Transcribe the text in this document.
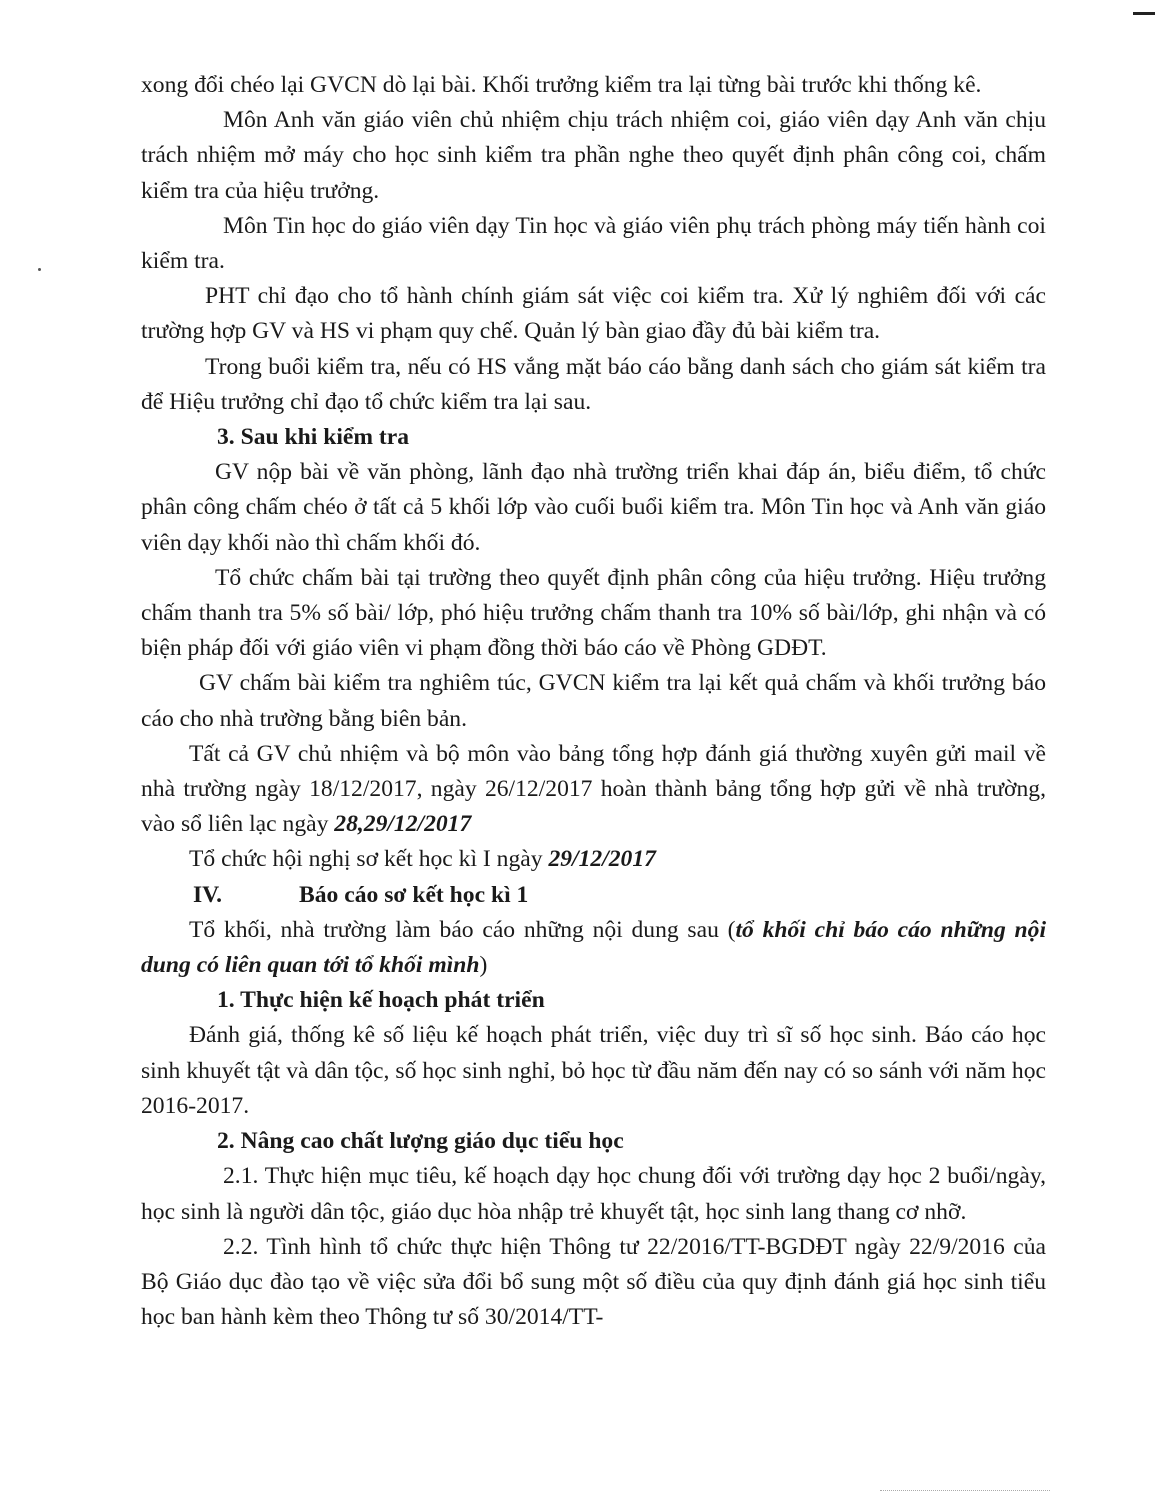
xong đổi chéo lại GVCN dò lại bài. Khối trưởng kiểm tra lại từng bài trước khi thống kê.

Môn Anh văn giáo viên chủ nhiệm chịu trách nhiệm coi, giáo viên dạy Anh văn chịu trách nhiệm mở máy cho học sinh kiểm tra phần nghe theo quyết định phân công coi, chấm kiểm tra của hiệu trưởng.

Môn Tin học do giáo viên dạy Tin học và giáo viên phụ trách phòng máy tiến hành coi kiểm tra.

PHT chỉ đạo cho tổ hành chính giám sát việc coi kiểm tra. Xử lý nghiêm đối với các trường hợp GV và HS vi phạm quy chế. Quản lý bàn giao đầy đủ bài kiểm tra.

Trong buổi kiểm tra, nếu có HS vắng mặt báo cáo bằng danh sách cho giám sát kiểm tra để Hiệu trưởng chỉ đạo tổ chức kiểm tra lại sau.

3. Sau khi kiểm tra

GV nộp bài về văn phòng, lãnh đạo nhà trường triển khai đáp án, biểu điểm, tổ chức phân công chấm chéo ở tất cả 5 khối lớp vào cuối buổi kiểm tra. Môn Tin học và Anh văn giáo viên dạy khối nào thì chấm khối đó.

Tổ chức chấm bài tại trường theo quyết định phân công của hiệu trưởng. Hiệu trưởng chấm thanh tra 5% số bài/ lớp, phó hiệu trưởng chấm thanh tra 10% số bài/lớp, ghi nhận và có biện pháp đối với giáo viên vi phạm đồng thời báo cáo về Phòng GDĐT.

GV chấm bài kiểm tra nghiêm túc, GVCN kiểm tra lại kết quả chấm và khối trưởng báo cáo cho nhà trường bằng biên bản.

Tất cả GV chủ nhiệm và bộ môn vào bảng tổng hợp đánh giá thường xuyên gửi mail về nhà trường ngày 18/12/2017, ngày 26/12/2017 hoàn thành bảng tổng hợp gửi về nhà trường, vào sổ liên lạc ngày 28,29/12/2017

Tổ chức hội nghị sơ kết học kì I ngày 29/12/2017

IV.	Báo cáo sơ kết học kì 1

Tổ khối, nhà trường làm báo cáo những nội dung sau (tổ khối chỉ báo cáo những nội dung có liên quan tới tổ khối mình)

1. Thực hiện kế hoạch phát triển

Đánh giá, thống kê số liệu kế hoạch phát triển, việc duy trì sĩ số học sinh. Báo cáo học sinh khuyết tật và dân tộc, số học sinh nghỉ, bỏ học từ đầu năm đến nay có so sánh với năm học 2016-2017.

2. Nâng cao chất lượng giáo dục tiểu học

2.1. Thực hiện mục tiêu, kế hoạch dạy học chung đối với trường dạy học 2 buổi/ngày, học sinh là người dân tộc, giáo dục hòa nhập trẻ khuyết tật, học sinh lang thang cơ nhỡ.

2.2. Tình hình tổ chức thực hiện Thông tư 22/2016/TT-BGDĐT ngày 22/9/2016 của Bộ Giáo dục đào tạo về việc sửa đổi bổ sung một số điều của quy định đánh giá học sinh tiểu học ban hành kèm theo Thông tư số 30/2014/TT-
